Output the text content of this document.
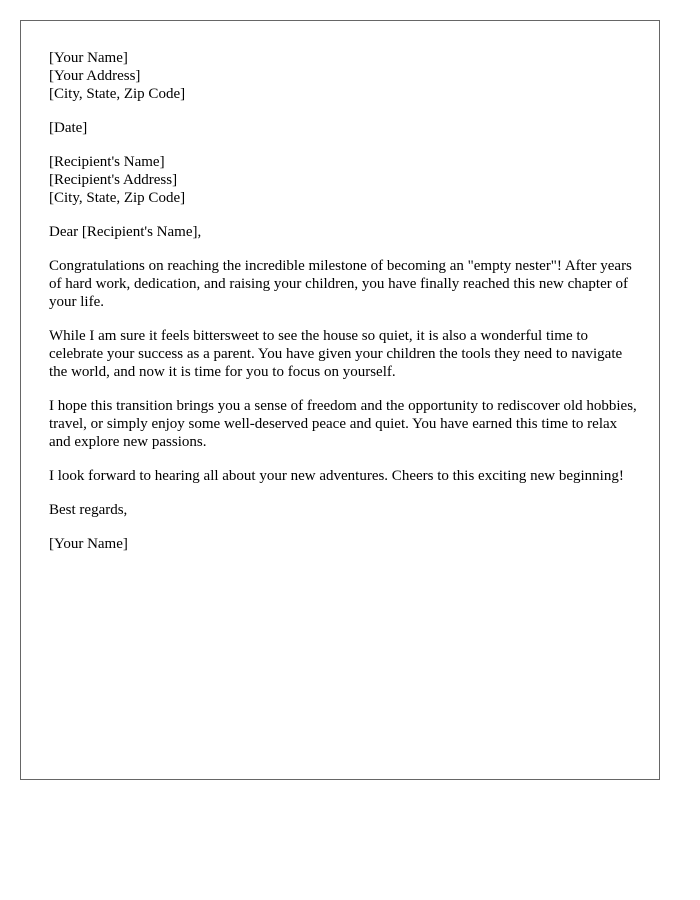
[Your Name]
[Your Address]
[City, State, Zip Code]
[Date]
[Recipient's Name]
[Recipient's Address]
[City, State, Zip Code]

Dear [Recipient's Name],

Congratulations on reaching the incredible milestone of becoming an "empty nester"! After years of hard work, dedication, and raising your children, you have finally reached this new chapter of your life.

While I am sure it feels bittersweet to see the house so quiet, it is also a wonderful time to celebrate your success as a parent. You have given your children the tools they need to navigate the world, and now it is time for you to focus on yourself.

I hope this transition brings you a sense of freedom and the opportunity to rediscover old hobbies, travel, or simply enjoy some well-deserved peace and quiet. You have earned this time to relax and explore new passions.

I look forward to hearing all about your new adventures. Cheers to this exciting new beginning!

Best regards,

[Your Name]
